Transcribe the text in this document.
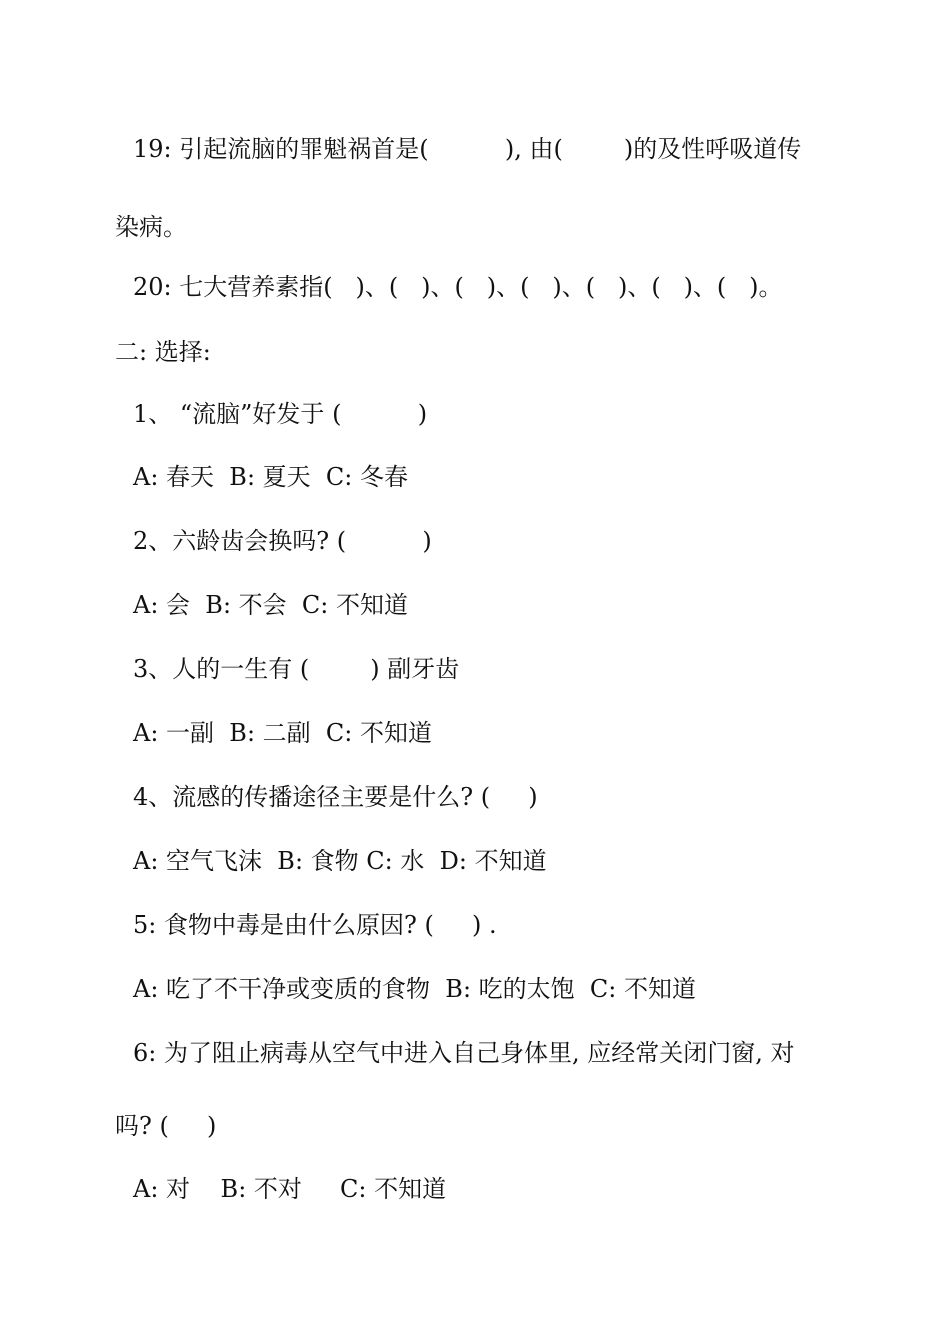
19: 引起流脑的罪魁祸首是(          ), 由(        )的及性呼吸道传
染病。
20: 七大营养素指(   )、(   )、(   )、(   )、(   )、(   )、(   )。
二: 选择:
1、 “流脑”好发于 (          )
A: 春天  B: 夏天  C: 冬春
2、六龄齿会换吗? (          )
A: 会  B: 不会  C: 不知道
3、人的一生有 (        ) 副牙齿
A: 一副  B: 二副  C: 不知道
4、流感的传播途径主要是什么? (     )
A: 空气飞沫  B: 食物 C: 水  D: 不知道
5: 食物中毒是由什么原因? (     ) .
A: 吃了不干净或变质的食物  B: 吃的太饱  C: 不知道
6: 为了阻止病毒从空气中进入自己身体里, 应经常关闭门窗, 对
吗? (     )
A: 对    B: 不对     C: 不知道
